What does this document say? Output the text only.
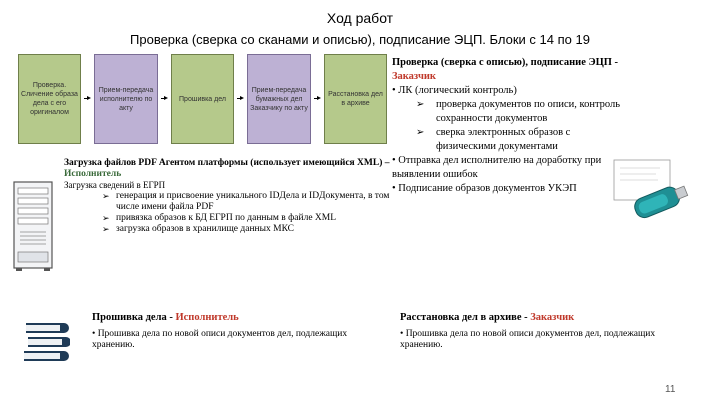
Ход работ
Проверка (сверка со сканами и описью), подписание ЭЦП. Блоки с 14 по 19
Проверка. Сличение образа дела с его оригиналом
Прием-передача исполнителю по акту
Прошивка дел
Прием-передача бумажных дел Заказчику по акту
Расстановка дел в архиве
Загрузка файлов PDF Агентом платформы (использует имеющийся XML) – Исполнитель
Загрузка сведений в ЕГРП
➢ генерация и присвоение уникального IDДела и IDДокумента, в том числе имени файла PDF
➢ привязка образов к БД ЕГРП по данным в файле XML
➢ загрузка образов в хранилище данных МКС
Проверка (сверка с описью), подписание ЭЦП - Заказчик
• ЛК (логический контроль)
➢	проверка документов по описи, контроль сохранности документов
➢	сверка электронных образов с физическими документами
• Отправка дел исполнителю на доработку при выявлении ошибок
• Подписание образов документов УКЭП
Прошивка дела - Исполнитель
• Прошивка дела по новой описи документов дел, подлежащих хранению.
Расстановка дел в архиве - Заказчик
• Прошивка дела по новой описи документов дел, подлежащих хранению.
11
